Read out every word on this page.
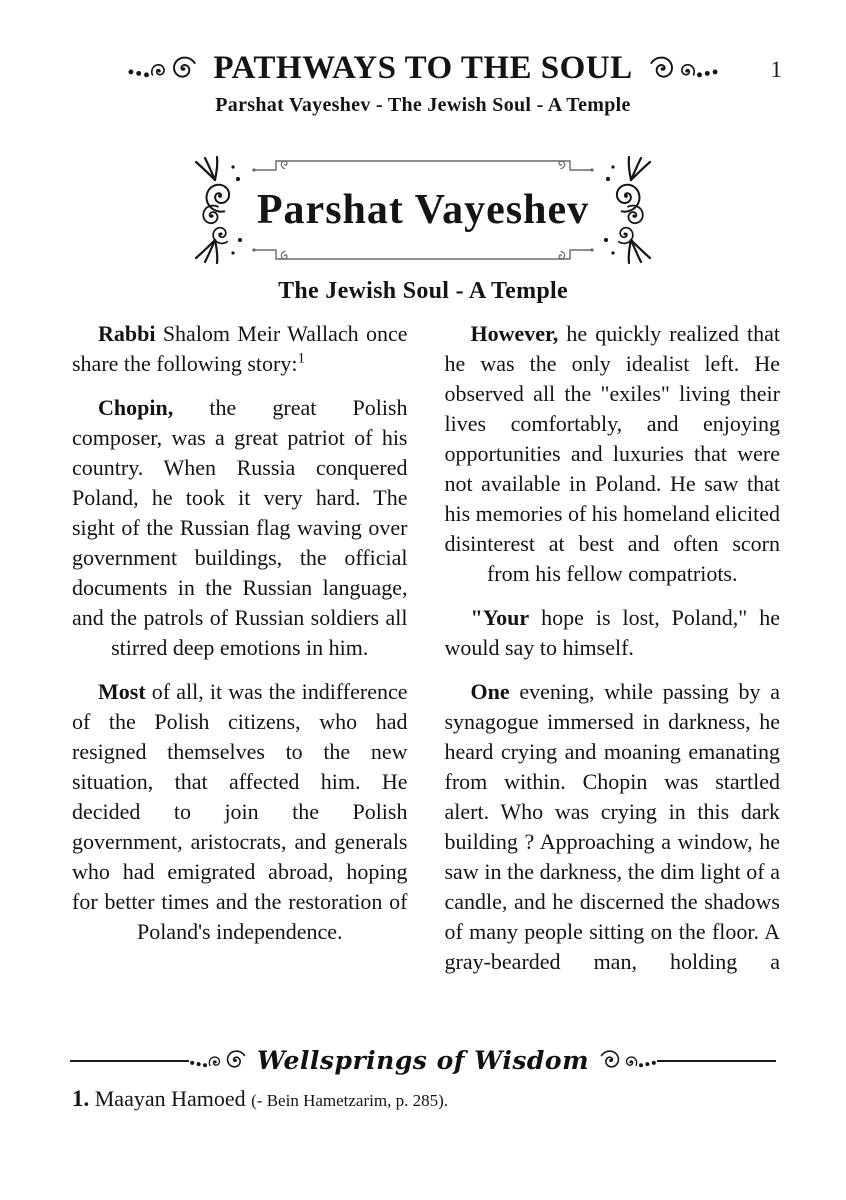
PATHWAYS TO THE SOUL	1
Parshat Vayeshev - The Jewish Soul - A Temple
Parshat Vayeshev
The Jewish Soul - A Temple

Rabbi Shalom Meir Wallach once share the following story:$^1$

Chopin, the great Polish composer, was a great patriot of his country. When Russia conquered Poland, he took it very hard. The sight of the Russian flag waving over government buildings, the official documents in the Russian language, and the patrols of Russian soldiers all stirred deep emotions in him.

Most of all, it was the indifference of the Polish citizens, who had resigned themselves to the new situation, that affected him. He decided to join the Polish government, aristocrats, and generals who had emigrated abroad, hoping for better times and the restoration of Poland's independence.

However, he quickly realized that he was the only idealist left. He observed all the "exiles" living their lives comfortably, and enjoying opportunities and luxuries that were not available in Poland. He saw that his memories of his homeland elicited disinterest at best and often scorn from his fellow compatriots.

"Your hope is lost, Poland," he would say to himself.

One evening, while passing by a synagogue immersed in darkness, he heard crying and moaning emanating from within. Chopin was startled alert. Who was crying in this dark building ? Approaching a window, he saw in the darkness, the dim light of a candle, and he discerned the shadows of many people sitting on the floor. A gray-bearded man, holding a

Wellsprings of Wisdom
1. Maayan Hamoed (- Bein Hametzarim, p. 285).
